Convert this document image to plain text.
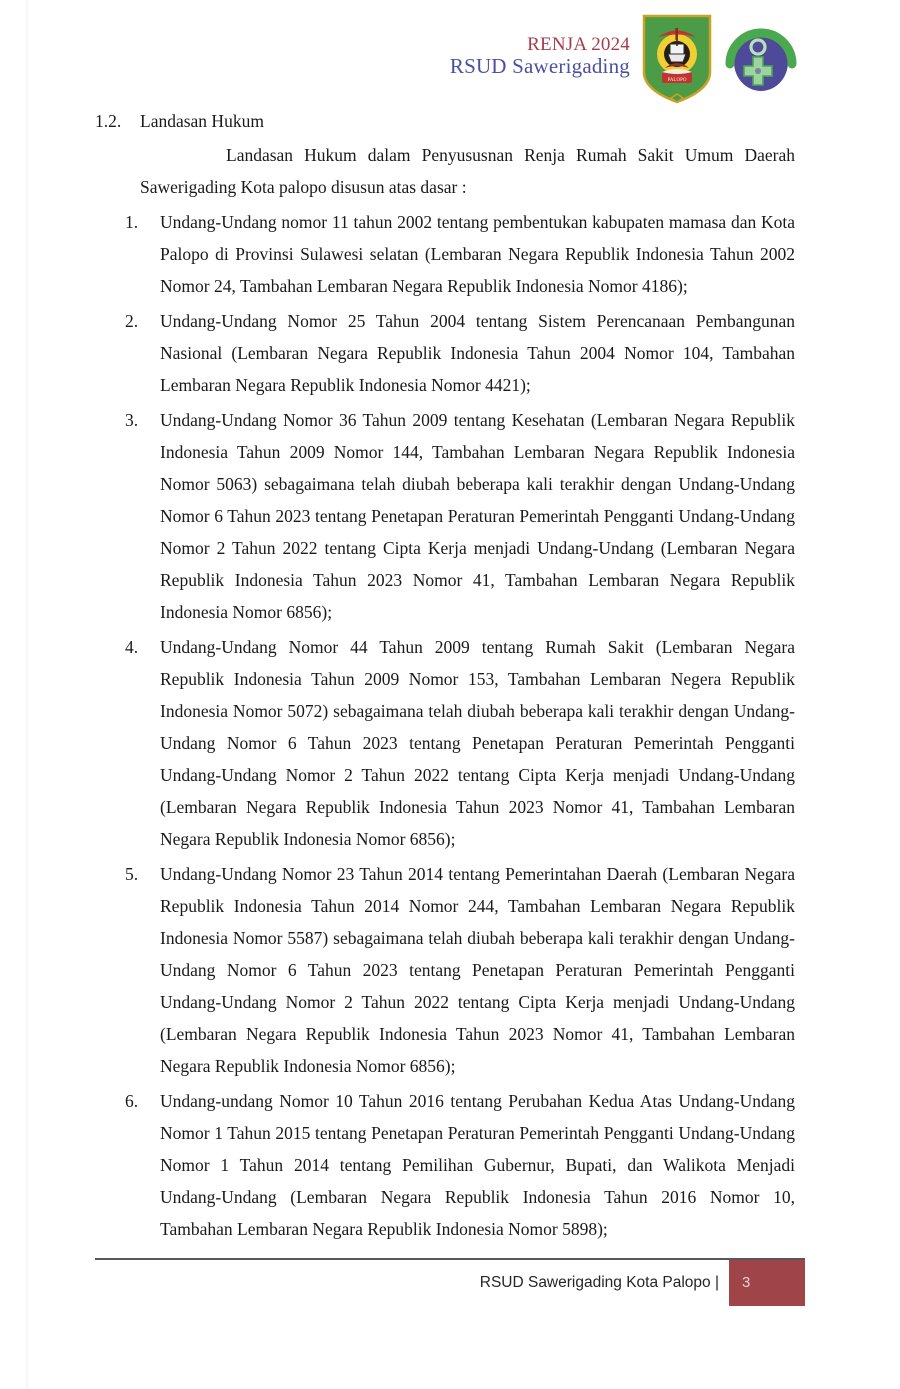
RENJA 2024
RSUD Sawerigading
PALOPO
1.2.	Landasan Hukum

Landasan Hukum dalam Penyususnan Renja Rumah Sakit Umum Daerah Sawerigading Kota palopo disusun atas dasar :

1.	Undang-Undang nomor 11 tahun 2002 tentang pembentukan kabupaten mamasa dan Kota Palopo di Provinsi Sulawesi selatan (Lembaran Negara Republik Indonesia Tahun 2002 Nomor 24, Tambahan Lembaran Negara Republik Indonesia Nomor 4186);
2.	Undang-Undang Nomor 25 Tahun 2004 tentang Sistem Perencanaan Pembangunan Nasional (Lembaran Negara Republik Indonesia Tahun 2004 Nomor 104, Tambahan Lembaran Negara Republik Indonesia Nomor 4421);
3.	Undang-Undang Nomor 36 Tahun 2009 tentang Kesehatan (Lembaran Negara Republik Indonesia Tahun 2009 Nomor 144, Tambahan Lembaran Negara Republik Indonesia Nomor 5063) sebagaimana telah diubah beberapa kali terakhir dengan Undang-Undang Nomor 6 Tahun 2023 tentang Penetapan Peraturan Pemerintah Pengganti Undang-Undang Nomor 2 Tahun 2022 tentang Cipta Kerja menjadi Undang-Undang (Lembaran Negara Republik Indonesia Tahun 2023 Nomor 41, Tambahan Lembaran Negara Republik Indonesia Nomor 6856);
4.	Undang-Undang Nomor 44 Tahun 2009 tentang Rumah Sakit (Lembaran Negara Republik Indonesia Tahun 2009 Nomor 153, Tambahan Lembaran Negera Republik Indonesia Nomor 5072) sebagaimana telah diubah beberapa kali terakhir dengan Undang-Undang Nomor 6 Tahun 2023 tentang Penetapan Peraturan Pemerintah Pengganti Undang-Undang Nomor 2 Tahun 2022 tentang Cipta Kerja menjadi Undang-Undang (Lembaran Negara Republik Indonesia Tahun 2023 Nomor 41, Tambahan Lembaran Negara Republik Indonesia Nomor 6856);
5.	Undang-Undang Nomor 23 Tahun 2014 tentang Pemerintahan Daerah (Lembaran Negara Republik Indonesia Tahun 2014 Nomor 244, Tambahan Lembaran Negara Republik Indonesia Nomor 5587) sebagaimana telah diubah beberapa kali terakhir dengan Undang-Undang Nomor 6 Tahun 2023 tentang Penetapan Peraturan Pemerintah Pengganti Undang-Undang Nomor 2 Tahun 2022 tentang Cipta Kerja menjadi Undang-Undang (Lembaran Negara Republik Indonesia Tahun 2023 Nomor 41, Tambahan Lembaran Negara Republik Indonesia Nomor 6856);
6.	Undang-undang Nomor 10 Tahun 2016 tentang Perubahan Kedua Atas Undang-Undang Nomor 1 Tahun 2015 tentang Penetapan Peraturan Pemerintah Pengganti Undang-Undang Nomor 1 Tahun 2014 tentang Pemilihan Gubernur, Bupati, dan Walikota Menjadi Undang-Undang (Lembaran Negara Republik Indonesia Tahun 2016 Nomor 10, Tambahan Lembaran Negara Republik Indonesia Nomor 5898);
RSUD Sawerigading Kota Palopo |	3
